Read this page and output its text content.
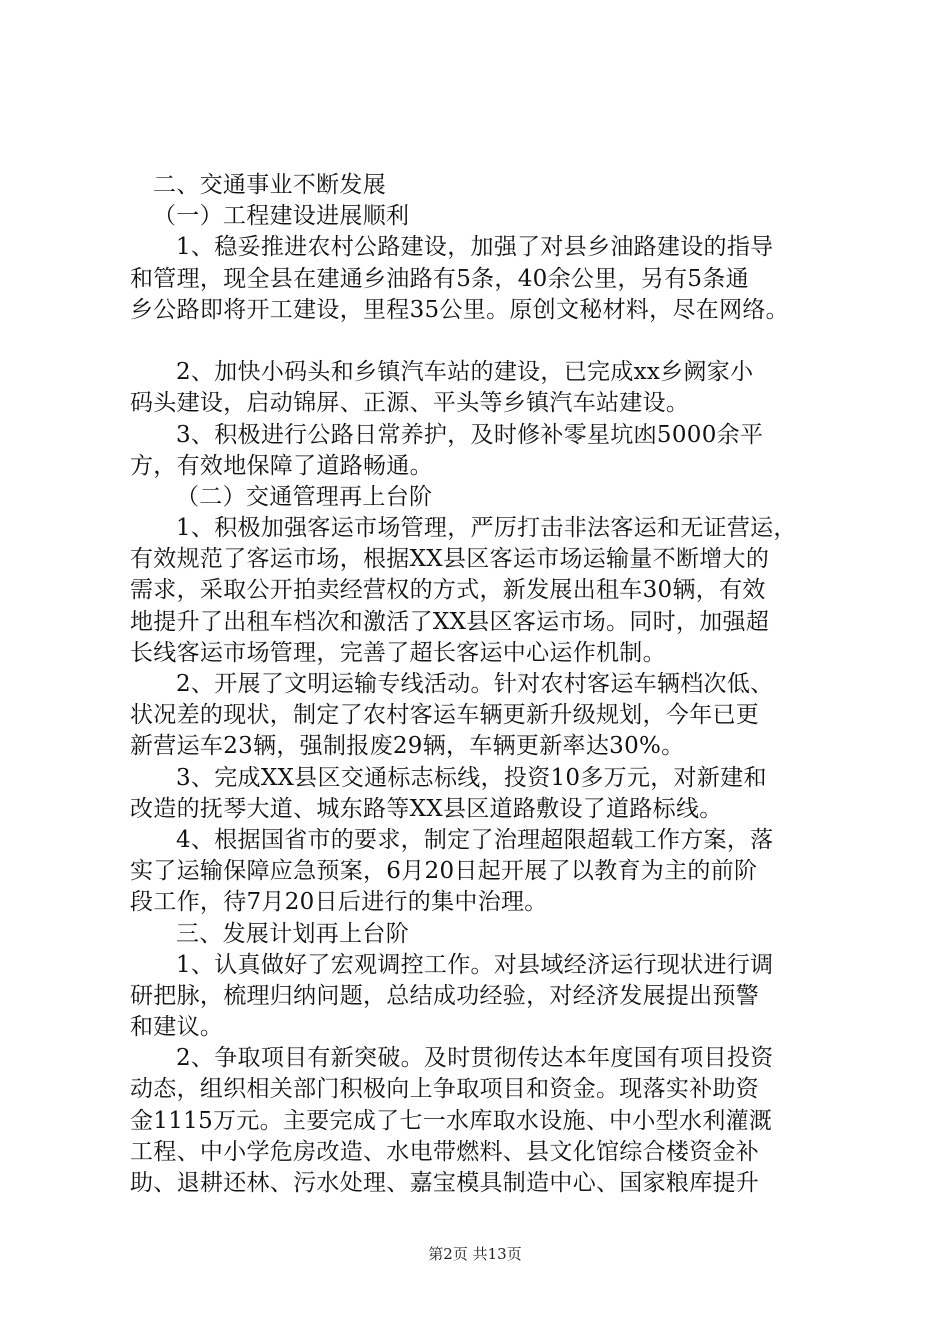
二、交通事业不断发展
（一）工程建设进展顺利
1、稳妥推进农村公路建设，加强了对县乡油路建设的指导
和管理，现全县在建通乡油路有5条，40余公里，另有5条通
乡公路即将开工建设，里程35公里。原创文秘材料，尽在网络。
2、加快小码头和乡镇汽车站的建设，已完成xx乡阙家小
码头建设，启动锦屏、正源、平头等乡镇汽车站建设。
3、积极进行公路日常养护，及时修补零星坑凼5000余平
方，有效地保障了道路畅通。
（二）交通管理再上台阶
1、积极加强客运市场管理，严厉打击非法客运和无证营运，
有效规范了客运市场，根据XX县区客运市场运输量不断增大的
需求，采取公开拍卖经营权的方式，新发展出租车30辆，有效
地提升了出租车档次和激活了XX县区客运市场。同时，加强超
长线客运市场管理，完善了超长客运中心运作机制。
2、开展了文明运输专线活动。针对农村客运车辆档次低、
状况差的现状，制定了农村客运车辆更新升级规划，今年已更
新营运车23辆，强制报废29辆，车辆更新率达30%。
3、完成XX县区交通标志标线，投资10多万元，对新建和
改造的抚琴大道、城东路等XX县区道路敷设了道路标线。
4、根据国省市的要求，制定了治理超限超载工作方案，落
实了运输保障应急预案，6月20日起开展了以教育为主的前阶
段工作，待7月20日后进行的集中治理。
三、发展计划再上台阶
1、认真做好了宏观调控工作。对县域经济运行现状进行调
研把脉，梳理归纳问题，总结成功经验，对经济发展提出预警
和建议。
2、争取项目有新突破。及时贯彻传达本年度国有项目投资
动态，组织相关部门积极向上争取项目和资金。现落实补助资
金1115万元。主要完成了七一水库取水设施、中小型水利灌溉
工程、中小学危房改造、水电带燃料、县文化馆综合楼资金补
助、退耕还林、污水处理、嘉宝模具制造中心、国家粮库提升
第2页 共13页
